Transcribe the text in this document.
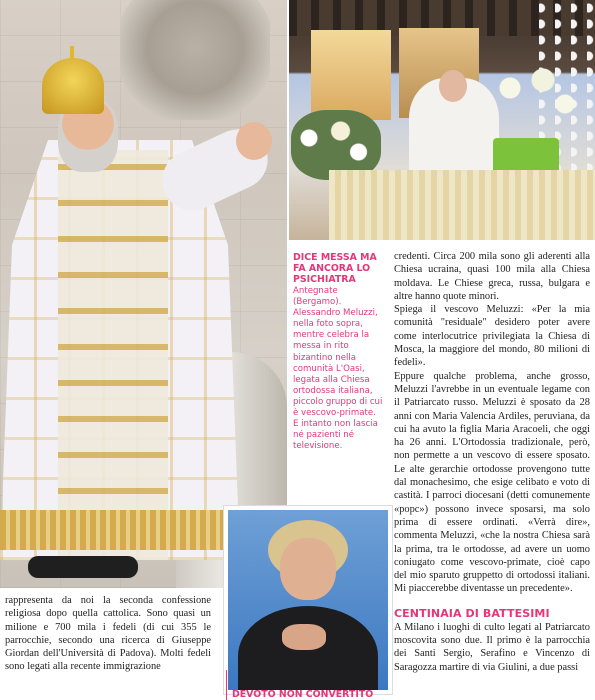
DICE MESSA MA FA ANCORA LO PSICHIATRA

Antegnate (Bergamo). Alessandro Meluzzi, nella foto sopra, mentre celebra la messa in rito bizantino nella comunità L'Oasi, legata alla Chiesa ortodossa italiana, piccolo gruppo di cui è vescovo-primate. E intanto non lascia né pazienti né televisione.

credenti. Circa 200 mila sono gli aderenti alla Chiesa ucraina, quasi 100 mila alla Chiesa moldava. Le Chiese greca, russa, bulgara e altre hanno quote minori.

Spiega il vescovo Meluzzi: «Per la mia comunità "residuale" desidero poter avere come interlocutrice privilegiata la Chiesa di Mosca, la maggiore del mondo, 80 milioni di fedeli».

Eppure qualche problema, anche grosso, Meluzzi l'avrebbe in un eventuale legame con il Patriarcato russo. Meluzzi è sposato da 28 anni con Maria Valencia Ardiles, peruviana, da cui ha avuto la figlia Maria Aracoeli, che oggi ha 26 anni. L'Ortodossia tradizionale, però, non permette a un vescovo di essere sposato. Le alte gerarchie ortodosse provengono tutte dal monachesimo, che esige celibato e voto di castità. I parroci diocesani (detti comunemente «popc») possono invece sposarsi, ma solo prima di essere ordinati. «Verrà dire», commenta Meluzzi, «che la nostra Chiesa sarà la prima, tra le ortodosse, ad avere un uomo coniugato come vescovo-primate, cioè capo del mio sparuto gruppetto di ortodossi italiani. Mi piaccerebbe diventasse un precedente».

CENTINAIA DI BATTESIMI

A Milano i luoghi di culto legati al Patriarcato moscovita sono due. Il primo è la parrocchia dei Santi Sergio, Serafino e Vincenzo di Saragozza martire di via Giulini, a due passi

rappresenta da noi la seconda confessione religiosa dopo quella cattolica. Sono quasi un milione e 700 mila i fedeli (di cui 355 le parrocchie, secondo una ricerca di Giuseppe Giordan dell'Università di Padova). Molti fedeli sono legati alla recente immigrazione

DEVOTO NON CONVERTITO
